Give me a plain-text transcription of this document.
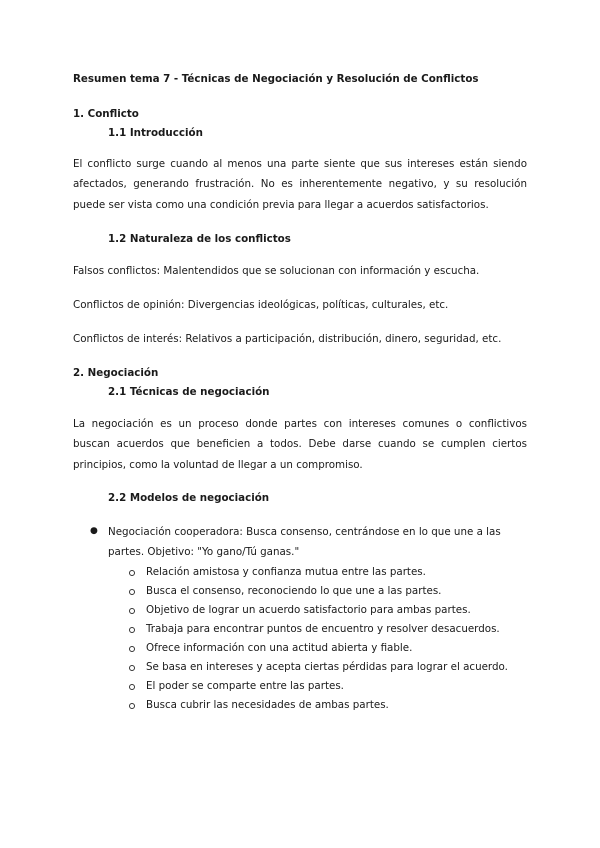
Resumen tema 7 - Técnicas de Negociación y Resolución de Conflictos
1. Conflicto
1.1 Introducción
El conflicto surge cuando al menos una parte siente que sus intereses están siendo afectados, generando frustración. No es inherentemente negativo, y su resolución puede ser vista como una condición previa para llegar a acuerdos satisfactorios.
1.2 Naturaleza de los conflictos
Falsos conflictos: Malentendidos que se solucionan con información y escucha.
Conflictos de opinión: Divergencias ideológicas, políticas, culturales, etc.
Conflictos de interés: Relativos a participación, distribución, dinero, seguridad, etc.
2. Negociación
2.1 Técnicas de negociación
La negociación es un proceso donde partes con intereses comunes o conflictivos buscan acuerdos que beneficien a todos. Debe darse cuando se cumplen ciertos principios, como la voluntad de llegar a un compromiso.
2.2 Modelos de negociación
● Negociación cooperadora: Busca consenso, centrándose en lo que une a las partes. Objetivo: "Yo gano/Tú ganas."
Relación amistosa y confianza mutua entre las partes.
Busca el consenso, reconociendo lo que une a las partes.
Objetivo de lograr un acuerdo satisfactorio para ambas partes.
Trabaja para encontrar puntos de encuentro y resolver desacuerdos.
Ofrece información con una actitud abierta y fiable.
Se basa en intereses y acepta ciertas pérdidas para lograr el acuerdo.
El poder se comparte entre las partes.
Busca cubrir las necesidades de ambas partes.
